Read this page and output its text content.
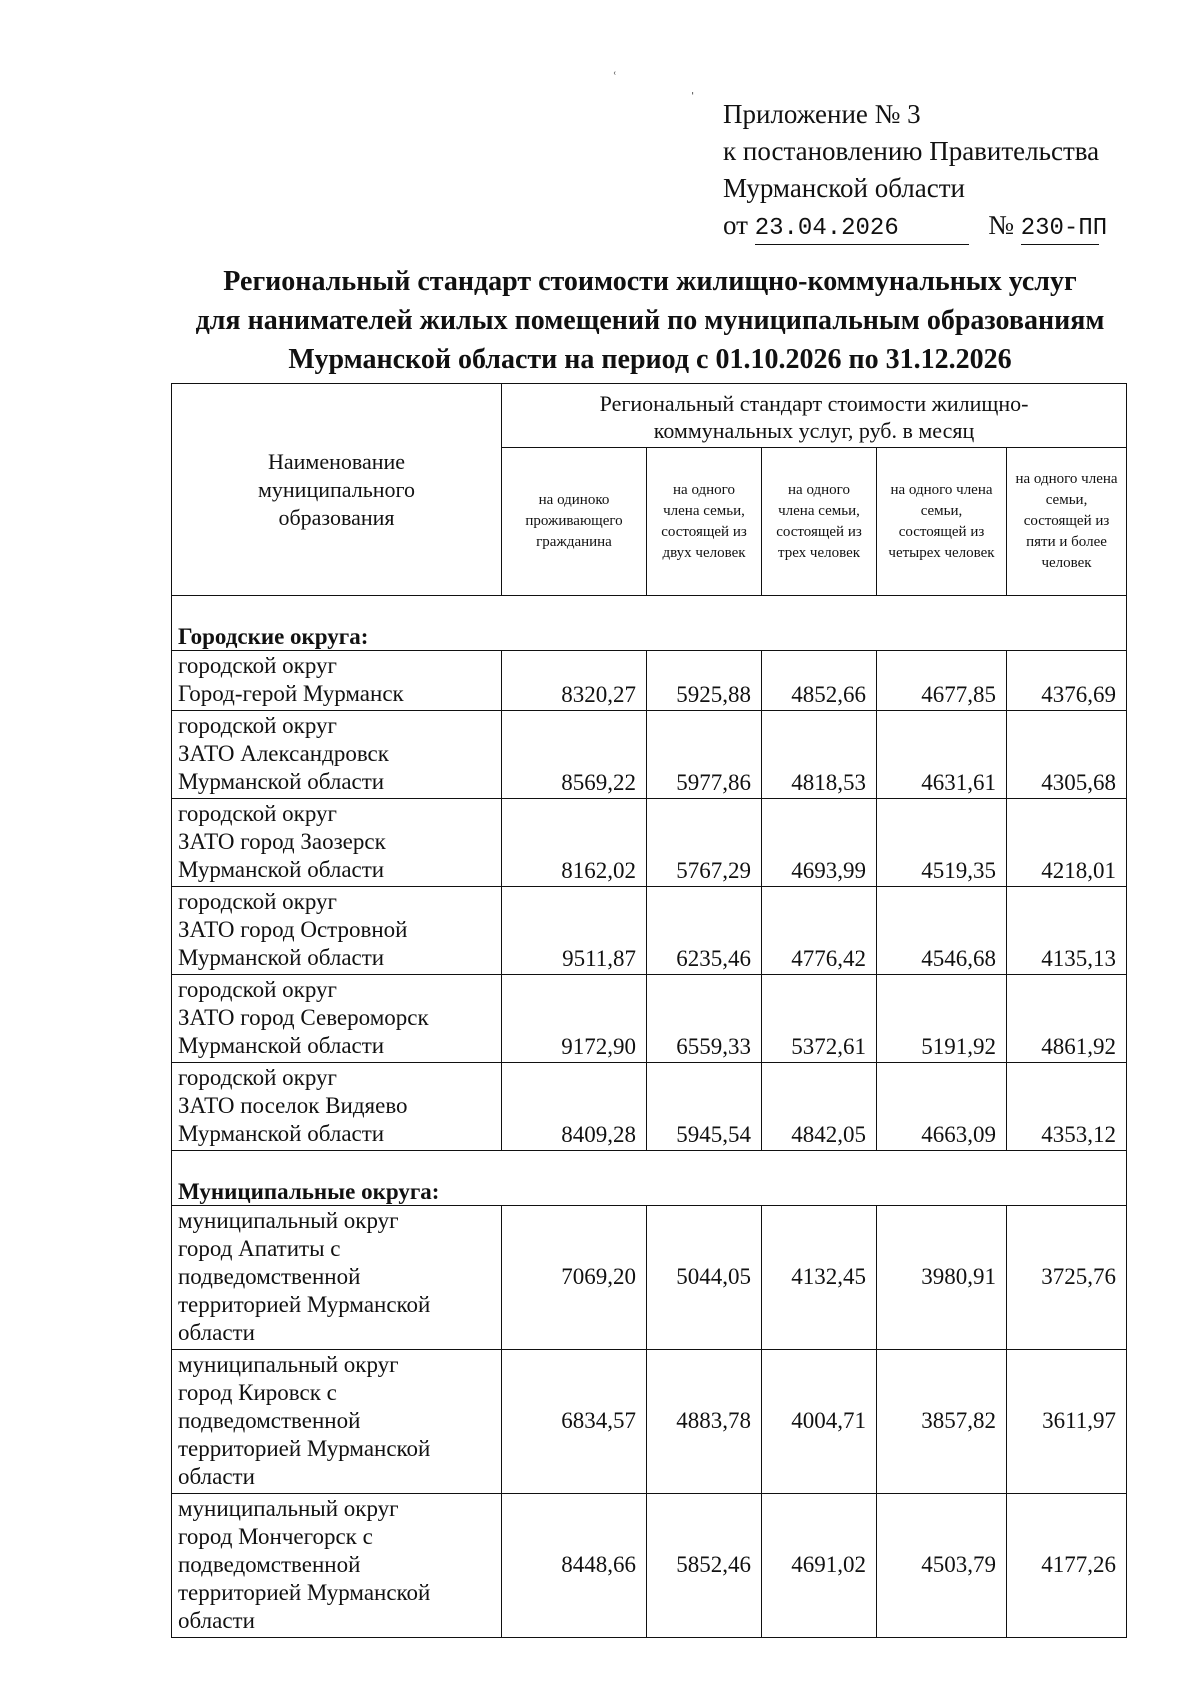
ʿ	ˌ
Приложение № 3
к постановлению Правительства
Мурманской области
от 23.04.2026	№ 230-ПП
Региональный стандарт стоимости жилищно-коммунальных услуг
для нанимателей жилых помещений по муниципальным образованиям
Мурманской области на период с 01.10.2026 по 31.12.2026
Наименование муниципального образования	Региональный стандарт стоимости жилищно-коммунальных услуг, руб. в месяц				
	на одиноко проживающего гражданина	на одного члена семьи, состоящей из двух человек	на одного члена семьи, состоящей из трех человек	на одного члена семьи, состоящей из четырех человек	на одного члена семьи, состоящей из пяти и более человек
Городские округа:					

городской округ
Город-герой Мурманск	8320,27	5925,88	4852,66	4677,85	4376,69

городской округ
ЗАТО Александровск
Мурманской области	8569,22	5977,86	4818,53	4631,61	4305,68

городской округ
ЗАТО город Заозерск
Мурманской области	8162,02	5767,29	4693,99	4519,35	4218,01

городской округ
ЗАТО город Островной
Мурманской области	9511,87	6235,46	4776,42	4546,68	4135,13

городской округ
ЗАТО город Североморск
Мурманской области	9172,90	6559,33	5372,61	5191,92	4861,92

городской округ
ЗАТО поселок Видяево
Мурманской области	8409,28	5945,54	4842,05	4663,09	4353,12
Муниципальные округа:					

муниципальный округ
город Апатиты с
подведомственной
территорией Мурманской
области	7069,20	5044,05	4132,45	3980,91	3725,76

муниципальный округ
город Кировск с
подведомственной
территорией Мурманской
области	6834,57	4883,78	4004,71	3857,82	3611,97

муниципальный округ
город Мончегорск с
подведомственной
территорией Мурманской
области	8448,66	5852,46	4691,02	4503,79	4177,26
